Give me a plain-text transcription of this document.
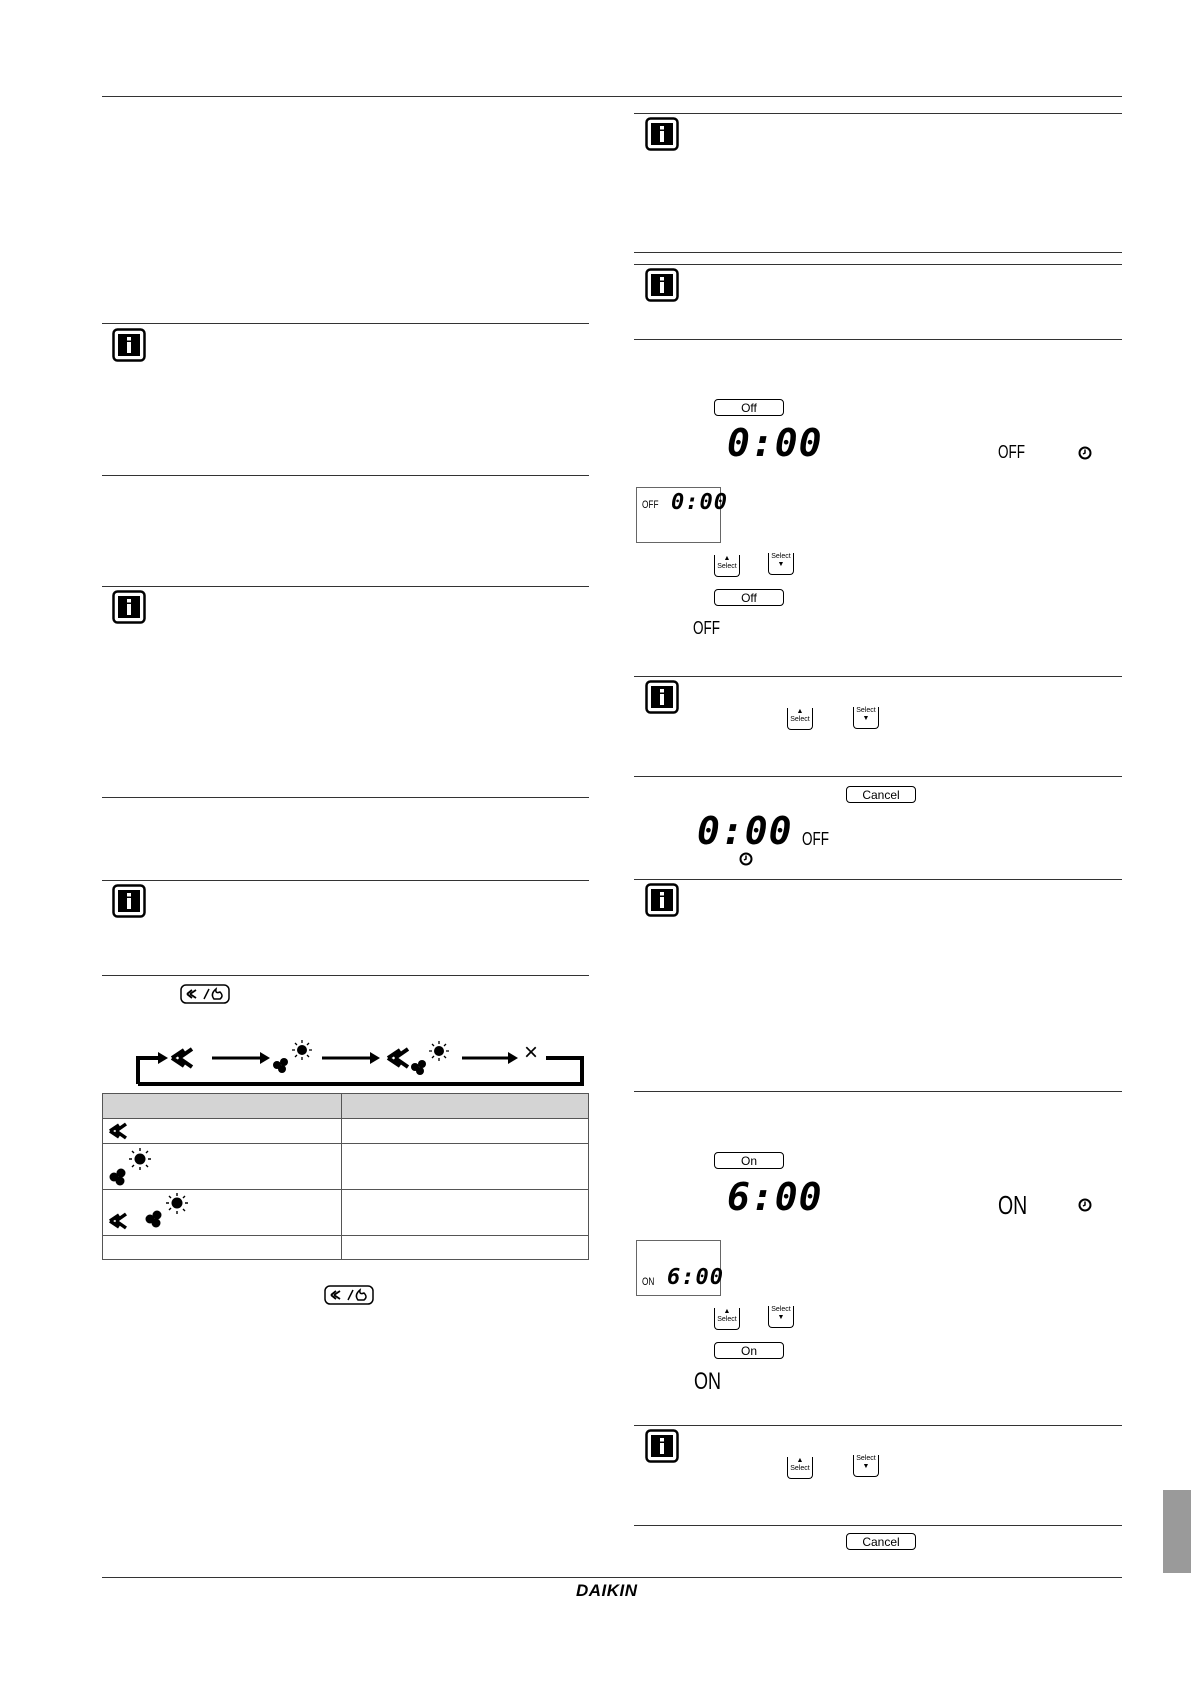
×

Off
0:00	OFF
OFF 0:00
▲
Select
Select
▼
Off
OFF
▲
Select
Select
▼
Cancel
0:00 OFF
On
6:00	ON
ON 6:00
▲
Select
Select
▼
On
ON
▲
Select
Select
▼
Cancel
DAIKIN
